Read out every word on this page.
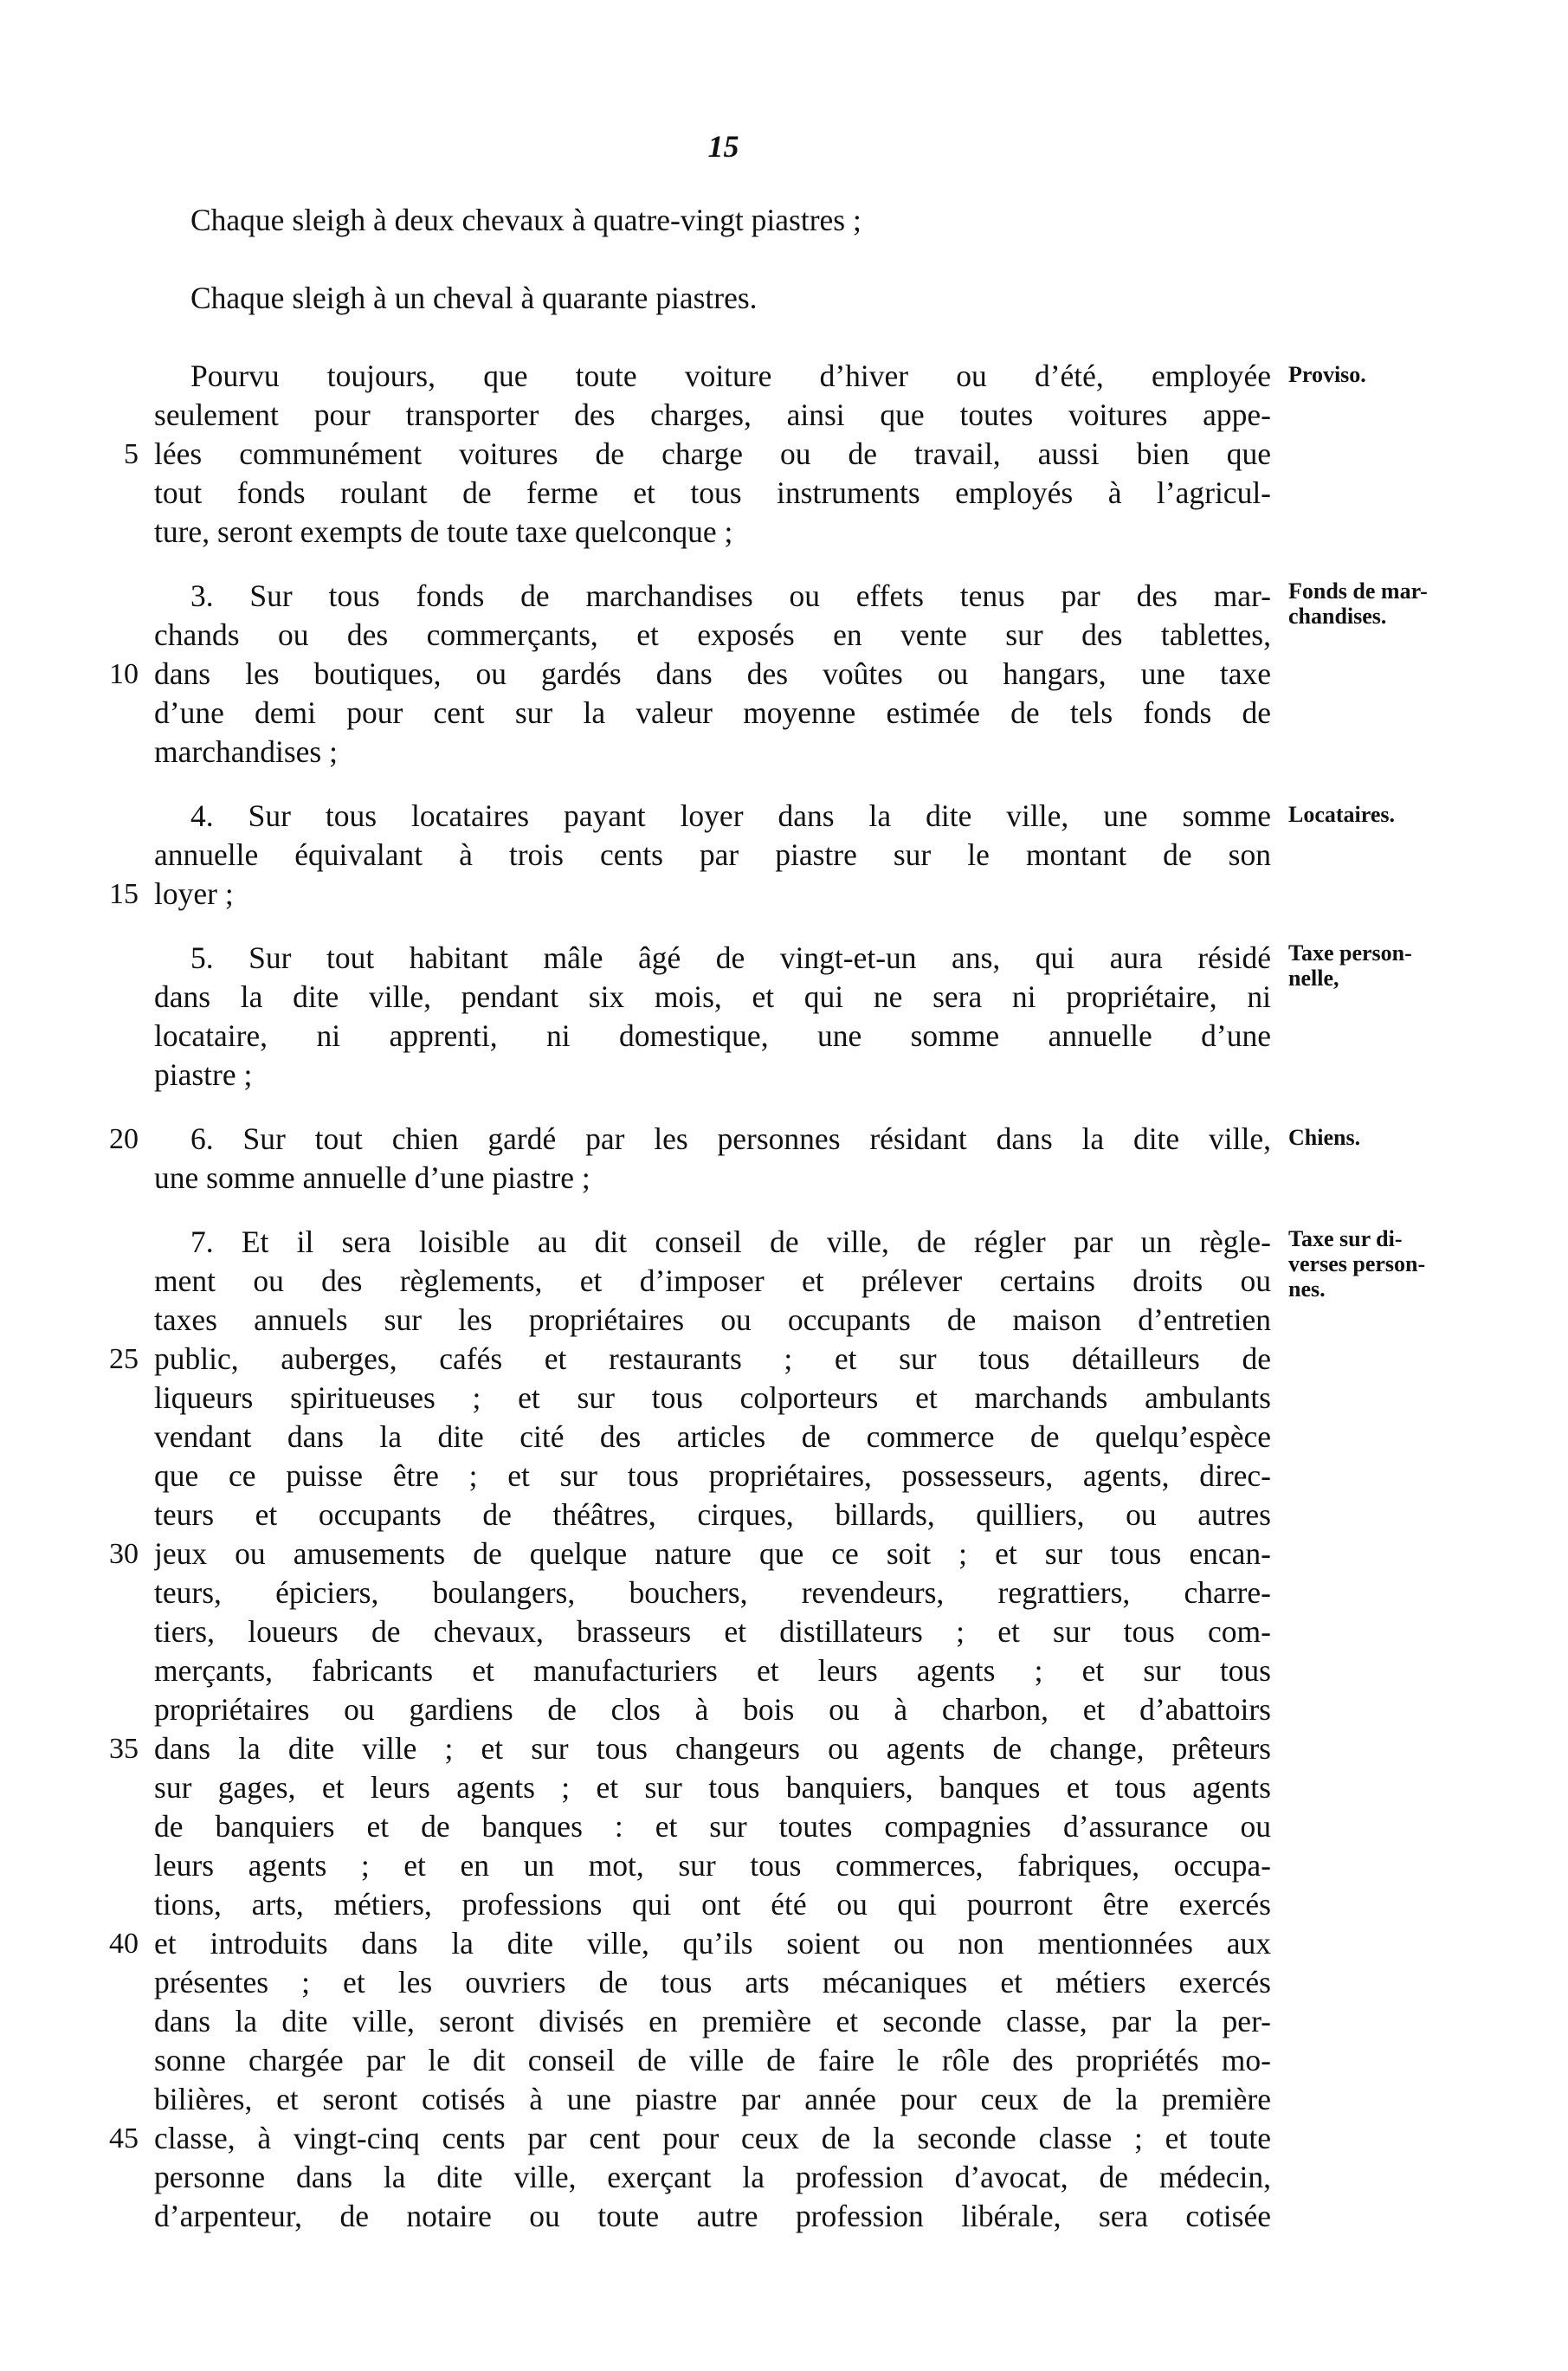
15
Chaque sleigh à deux chevaux à quatre-vingt piastres ;
Chaque sleigh à un cheval à quarante piastres.
Pourvu toujours, que toute voiture d’hiver ou d’été, employée
seulement pour transporter des charges, ainsi que toutes voitures appe-
lées communément voitures de charge ou de travail, aussi bien que
tout fonds roulant de ferme et tous instruments employés à l’agricul-
ture, seront exempts de toute taxe quelconque ;
3. Sur tous fonds de marchandises ou effets tenus par des mar-
chands ou des commerçants, et exposés en vente sur des tablettes,
dans les boutiques, ou gardés dans des voûtes ou hangars, une taxe
d’une demi pour cent sur la valeur moyenne estimée de tels fonds de
marchandises ;
4. Sur tous locataires payant loyer dans la dite ville, une somme
annuelle équivalant à trois cents par piastre sur le montant de son
loyer ;
5. Sur tout habitant mâle âgé de vingt-et-un ans, qui aura résidé
dans la dite ville, pendant six mois, et qui ne sera ni propriétaire, ni
locataire, ni apprenti, ni domestique, une somme annuelle d’une
piastre ;
6. Sur tout chien gardé par les personnes résidant dans la dite ville,
une somme annuelle d’une piastre ;
7. Et il sera loisible au dit conseil de ville, de régler par un règle-
ment ou des règlements, et d’imposer et prélever certains droits ou
taxes annuels sur les propriétaires ou occupants de maison d’entretien
public, auberges, cafés et restaurants ; et sur tous détailleurs de
liqueurs spiritueuses ; et sur tous colporteurs et marchands ambulants
vendant dans la dite cité des articles de commerce de quelqu’espèce
que ce puisse être ; et sur tous propriétaires, possesseurs, agents, direc-
teurs et occupants de théâtres, cirques, billards, quilliers, ou autres
jeux ou amusements de quelque nature que ce soit ; et sur tous encan-
teurs, épiciers, boulangers, bouchers, revendeurs, regrattiers, charre-
tiers, loueurs de chevaux, brasseurs et distillateurs ; et sur tous com-
merçants, fabricants et manufacturiers et leurs agents ; et sur tous
propriétaires ou gardiens de clos à bois ou à charbon, et d’abattoirs
dans la dite ville ; et sur tous changeurs ou agents de change, prêteurs
sur gages, et leurs agents ; et sur tous banquiers, banques et tous agents
de banquiers et de banques : et sur toutes compagnies d’assurance ou
leurs agents ; et en un mot, sur tous commerces, fabriques, occupa-
tions, arts, métiers, professions qui ont été ou qui pourront être exercés
et introduits dans la dite ville, qu’ils soient ou non mentionnées aux
présentes ; et les ouvriers de tous arts mécaniques et métiers exercés
dans la dite ville, seront divisés en première et seconde classe, par la per-
sonne chargée par le dit conseil de ville de faire le rôle des propriétés mo-
bilières, et seront cotisés à une piastre par année pour ceux de la première
classe, à vingt-cinq cents par cent pour ceux de la seconde classe ; et toute
personne dans la dite ville, exerçant la profession d’avocat, de médecin,
d’arpenteur, de notaire ou toute autre profession libérale, sera cotisée
5
10
15
20
25
30
35
40
45
Proviso.
Fonds de mar-
chandises.
Locataires.
Taxe person-
nelle,
Chiens.
Taxe sur di-
verses person-
nes.
